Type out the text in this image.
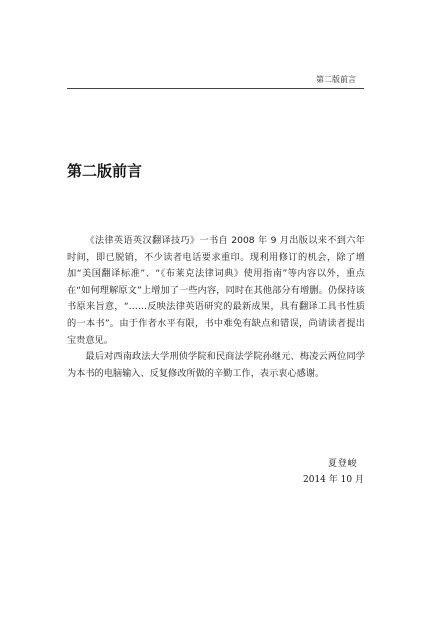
第二版前言
第二版前言

《法律英语英汉翻译技巧》一书自 2008 年 9 月出版以来不到六年时间，即已脱销，不少读者电话要求重印。现利用修订的机会，除了增加“美国翻译标准”、“《布莱克法律词典》使用指南”等内容以外，重点在“如何理解原文”上增加了一些内容，同时在其他部分有增删。仍保持该书原来旨意，“……反映法律英语研究的最新成果，具有翻译工具书性质的一本书”。由于作者水平有限，书中难免有缺点和错误，尚请读者提出宝贵意见。

最后对西南政法大学刑侦学院和民商法学院孙继元、梅凌云两位同学为本书的电脑输入、反复修改所做的辛勤工作，表示衷心感谢。

夏登峻
2014 年 10 月
